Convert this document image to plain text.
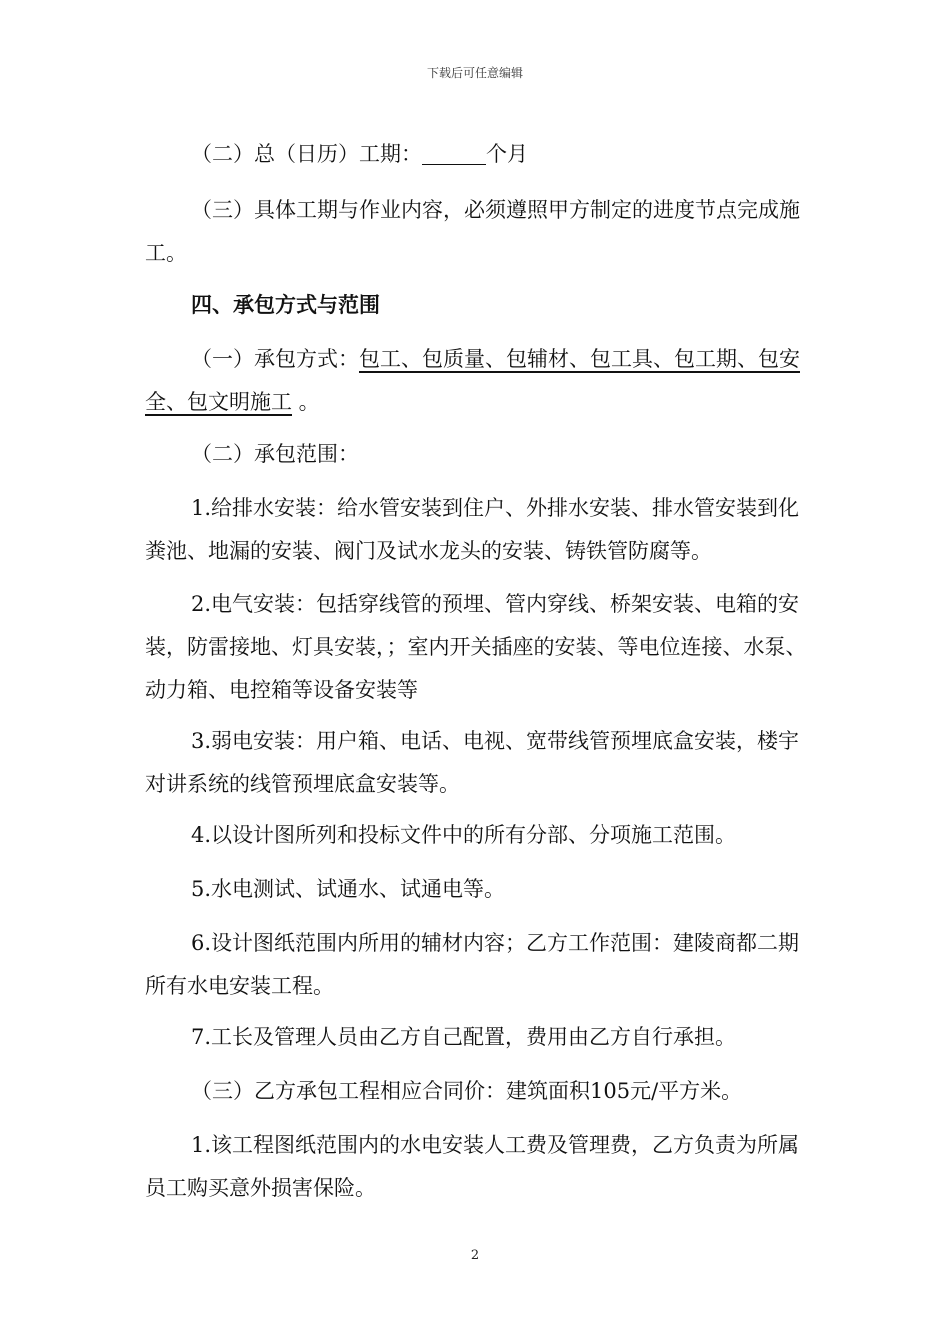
下载后可任意编辑

（二）总（日历）工期：	个月

（三）具体工期与作业内容，必须遵照甲方制定的进度节点完成施工。

四、承包方式与范围

（一）承包方式：包工、包质量、包辅材、包工具、包工期、包安全、包文明施工 。

（二）承包范围：

1.给排水安装：给水管安装到住户、外排水安装、排水管安装到化粪池、地漏的安装、阀门及试水龙头的安装、铸铁管防腐等。

2.电气安装：包括穿线管的预埋、管内穿线、桥架安装、电箱的安装，防雷接地、灯具安装，；室内开关插座的安装、等电位连接、水泵、动力箱、电控箱等设备安装等

3.弱电安装：用户箱、电话、电视、宽带线管预埋底盒安装，楼宇对讲系统的线管预埋底盒安装等。

4.以设计图所列和投标文件中的所有分部、分项施工范围。

5.水电测试、试通水、试通电等。

6.设计图纸范围内所用的辅材内容；乙方工作范围：建陵商都二期所有水电安装工程。

7.工长及管理人员由乙方自己配置，费用由乙方自行承担。

（三）乙方承包工程相应合同价：建筑面积105元/平方米。

1.该工程图纸范围内的水电安装人工费及管理费，乙方负责为所属员工购买意外损害保险。

2
